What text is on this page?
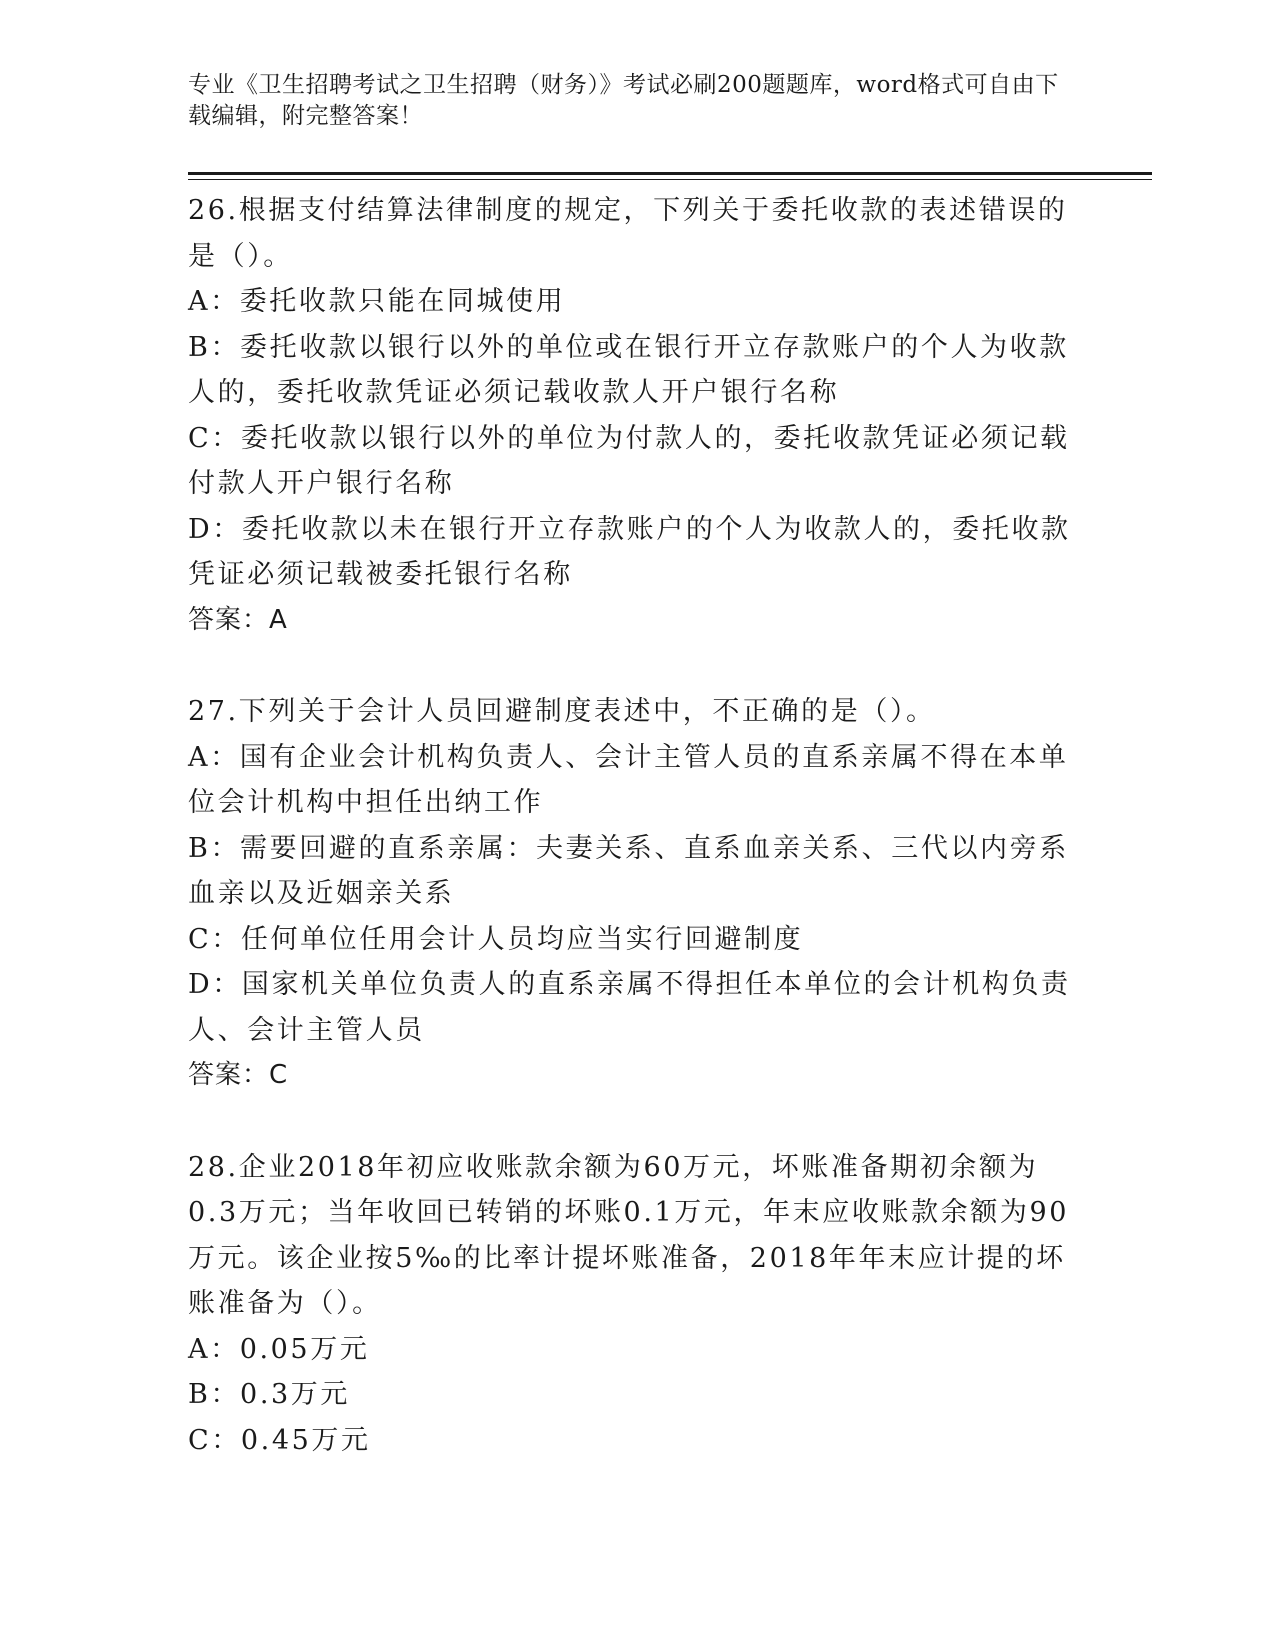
专业《卫生招聘考试之卫生招聘（财务）》考试必刷200题题库，word格式可自由下载编辑，附完整答案！

26.根据支付结算法律制度的规定，下列关于委托收款的表述错误的是（）。

A：委托收款只能在同城使用

B：委托收款以银行以外的单位或在银行开立存款账户的个人为收款人的，委托收款凭证必须记载收款人开户银行名称

C：委托收款以银行以外的单位为付款人的，委托收款凭证必须记载付款人开户银行名称

D：委托收款以未在银行开立存款账户的个人为收款人的，委托收款凭证必须记载被委托银行名称

答案：A

27.下列关于会计人员回避制度表述中，不正确的是（）。

A：国有企业会计机构负责人、会计主管人员的直系亲属不得在本单位会计机构中担任出纳工作

B：需要回避的直系亲属：夫妻关系、直系血亲关系、三代以内旁系血亲以及近姻亲关系

C：任何单位任用会计人员均应当实行回避制度

D：国家机关单位负责人的直系亲属不得担任本单位的会计机构负责人、会计主管人员

答案：C

28.企业2018年初应收账款余额为60万元，坏账准备期初余额为0.3万元；当年收回已转销的坏账0.1万元，年末应收账款余额为90万元。该企业按5‰的比率计提坏账准备，2018年年末应计提的坏账准备为（）。

A：0.05万元

B：0.3万元

C：0.45万元
